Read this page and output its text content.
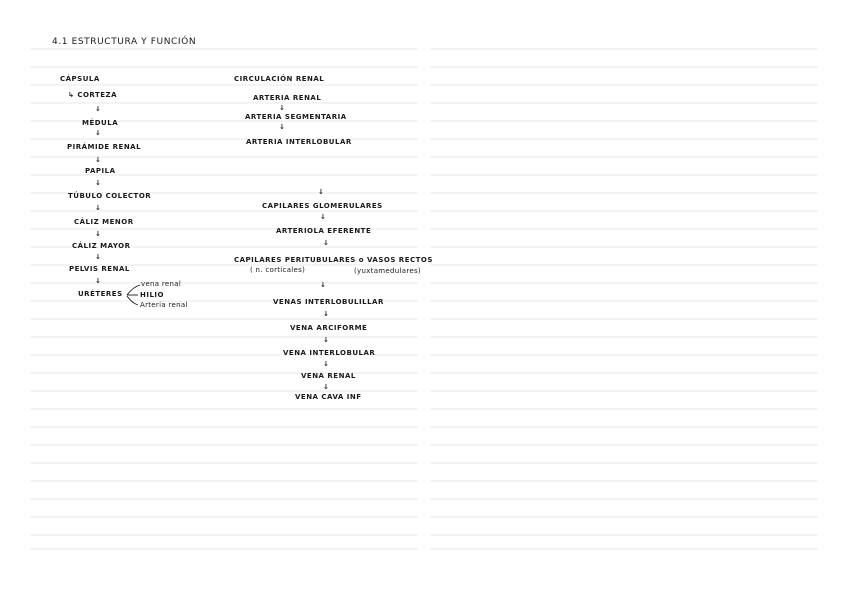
4.1 ESTRUCTURA Y FUNCIÓN
CÁPSULA
↳ CORTEZA
↓
MÉDULA
↓
PIRÁMIDE RENAL
↓
PAPILA
↓
TÚBULO COLECTOR
↓
CÁLIZ MENOR
↓
CÁLIZ MAYOR
↓
PELVIS RENAL
↓
URÉTERES
vena renal
HILIO
Arteria renal
CIRCULACIÓN RENAL
ARTERIA RENAL
↓
ARTERIA SEGMENTARIA
↓
ARTERIA INTERLOBULAR
↓
CAPILARES GLOMERULARES
↓
ARTERIOLA EFERENTE
↓
CAPILARES PERITUBULARES o VASOS RECTOS
( n. corticales)	(yuxtamedulares)
↓
VENAS INTERLOBULILLAR
↓
VENA ARCIFORME
↓
VENA INTERLOBULAR
↓
VENA RENAL
↓
VENA CAVA INF
